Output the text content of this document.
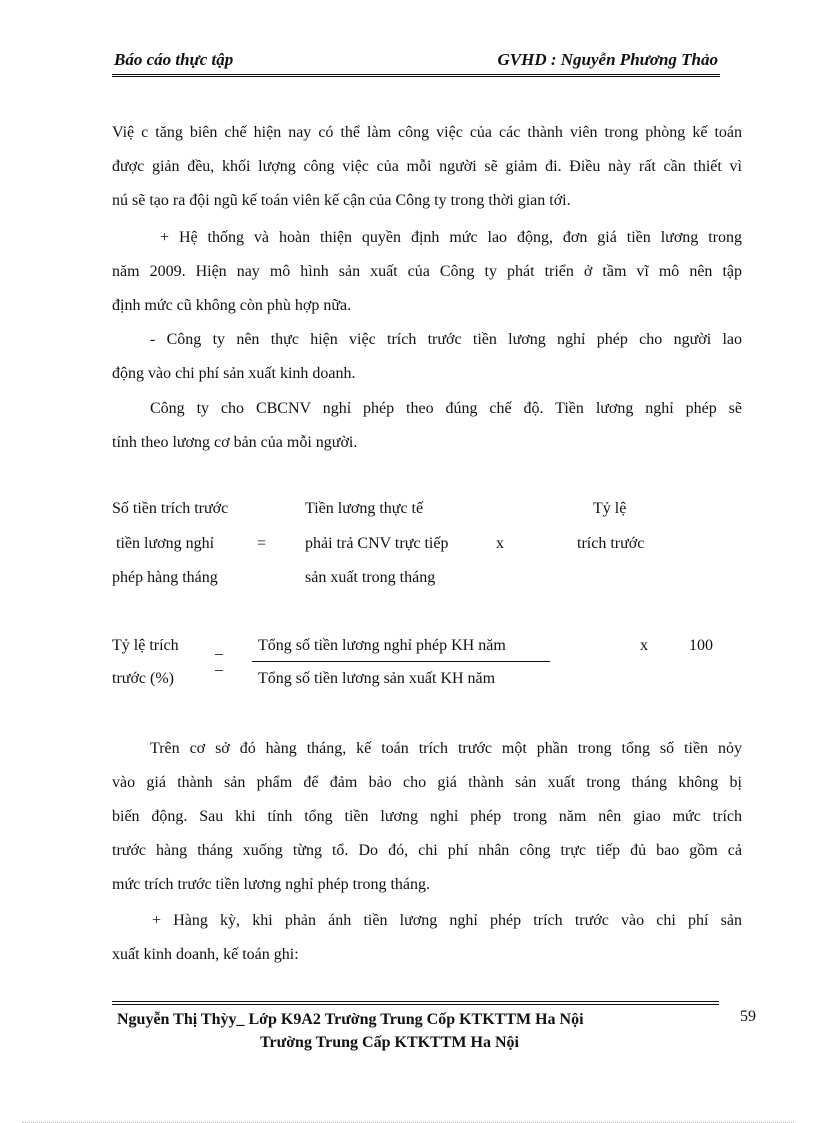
Báo cáo thực tập	GVHD : Nguyễn Phương Thảo
Việ c tăng biên chế hiện nay có thể làm công việc của các thành viên trong phòng kế toán
được giản đều, khối lượng công việc của mỗi người sẽ giảm đi. Điều này rất cần thiết vì
nú sẽ tạo ra đội ngũ kế toán viên kế cận của Công ty trong thời gian tới.
+ Hệ thống và hoàn thiện quyền định mức lao động, đơn giá tiền lương trong
năm 2009. Hiện nay mô hình sản xuất của Công ty phát triển ở tầm vĩ mô nên tập
định mức cũ không còn phù hợp nữa.
- Công ty nên thực hiện việc trích trước tiền lương nghỉ phép cho người lao
động vào chi phí sản xuất kinh doanh.
Công ty cho CBCNV nghỉ phép theo đúng chế độ. Tiền lương nghỉ phép sẽ
tính theo lương cơ bản của mỗi người.
Số tiền trích trước
tiền lương nghỉ
phép hàng tháng
=
Tiền lương thực tế
phải trả CNV trực tiếp
sản xuất trong tháng
x
Tỷ lệ
trích trước
Tỷ lệ trích
trước (%)
_
_
Tổng số tiền lương nghỉ phép KH năm
Tổng số tiền lương sản xuất KH năm
x	100
Trên cơ sở đó hàng tháng, kế toán trích trước một phần trong tổng số tiền nỏy
vào giá thành sản phẩm để đảm bảo cho giá thành sản xuất trong tháng không bị
biến động. Sau khi tính tổng tiền lương nghỉ phép trong năm nên giao mức trích
trước hàng tháng xuống từng tổ. Do đó, chi phí nhân công trực tiếp đủ bao gồm cả
mức trích trước tiền lương nghỉ phép trong tháng.
+ Hàng kỳ, khi phản ánh tiền lương nghỉ phép trích trước vào chi phí sản
xuất kinh doanh, kế toán ghi:
Nguyễn Thị Thỳy_ Lớp K9A2 Trường Trung Cốp KTKTTM Ha Nội
Trường Trung Cấp KTKTTM Ha Nội
59
